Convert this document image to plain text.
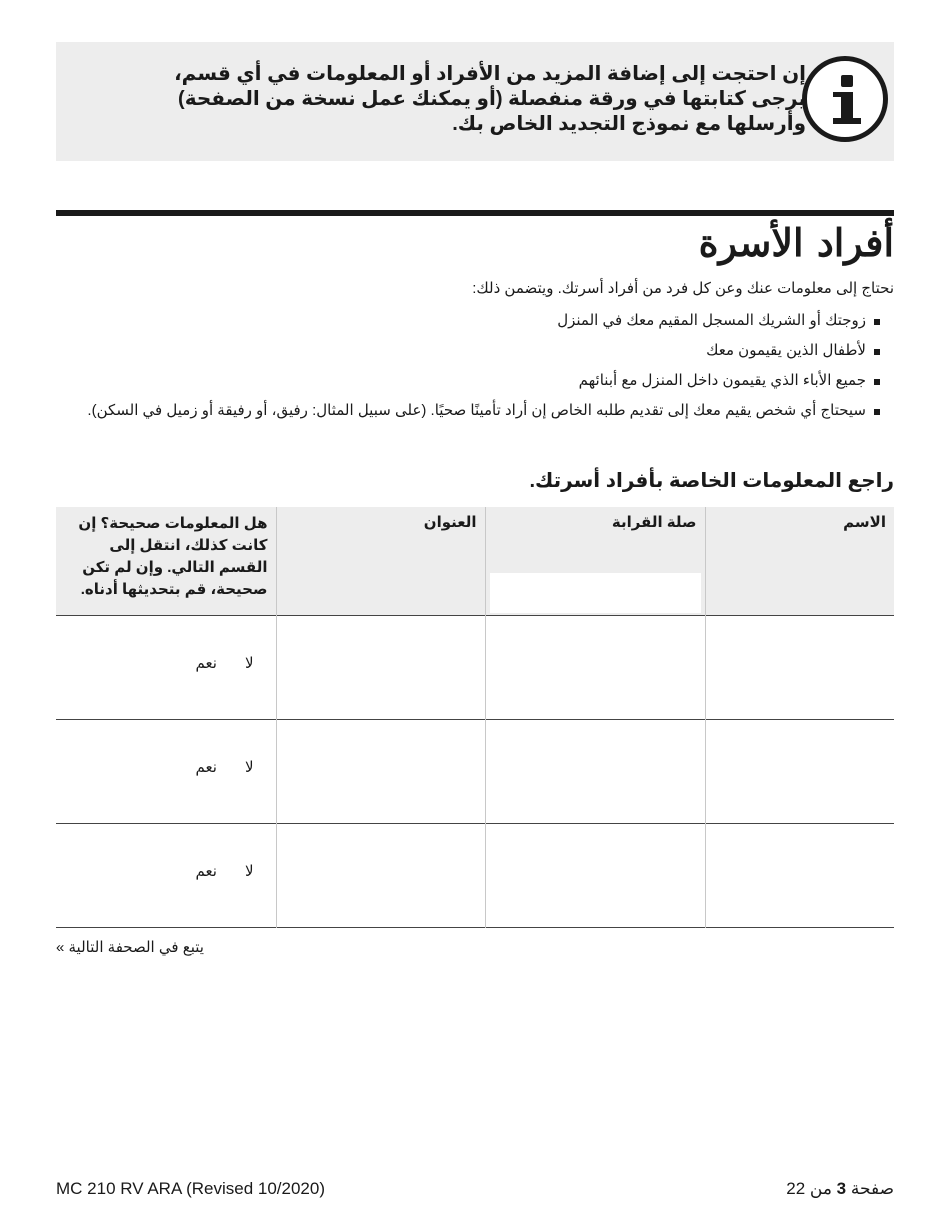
إن احتجت إلى إضافة المزيد من الأفراد أو المعلومات في أي قسم، يرجى كتابتها في ورقة منفصلة (أو يمكنك عمل نسخة من الصفحة) وأرسلها مع نموذج التجديد الخاص بك.
أفراد الأسرة

نحتاج إلى معلومات عنك وعن كل فرد من أفراد أسرتك. ويتضمن ذلك:

زوجتك أو الشريك المسجل المقيم معك في المنزل
لأطفال الذين يقيمون معك
جميع الأباء الذي يقيمون داخل المنزل مع أبنائهم
سيحتاج أي شخص يقيم معك إلى تقديم طلبه الخاص إن أراد تأمينًا صحيًا. (على سبيل المثال: رفيق، أو رفيقة أو زميل في السكن).
راجع المعلومات الخاصة بأفراد أسرتك.
الاسم	صلة القرابة	العنوان	هل المعلومات صحيحة؟ إن كانت كذلك، انتقل إلى القسم التالي. وإن لم تكن صحيحة، قم بتحديثها أدناه.

			لانعم

			لانعم

			لانعم

يتبع في الصحفة التالية »

MC 210 RV ARA (Revised 10/2020)	صفحة 3 من 22
